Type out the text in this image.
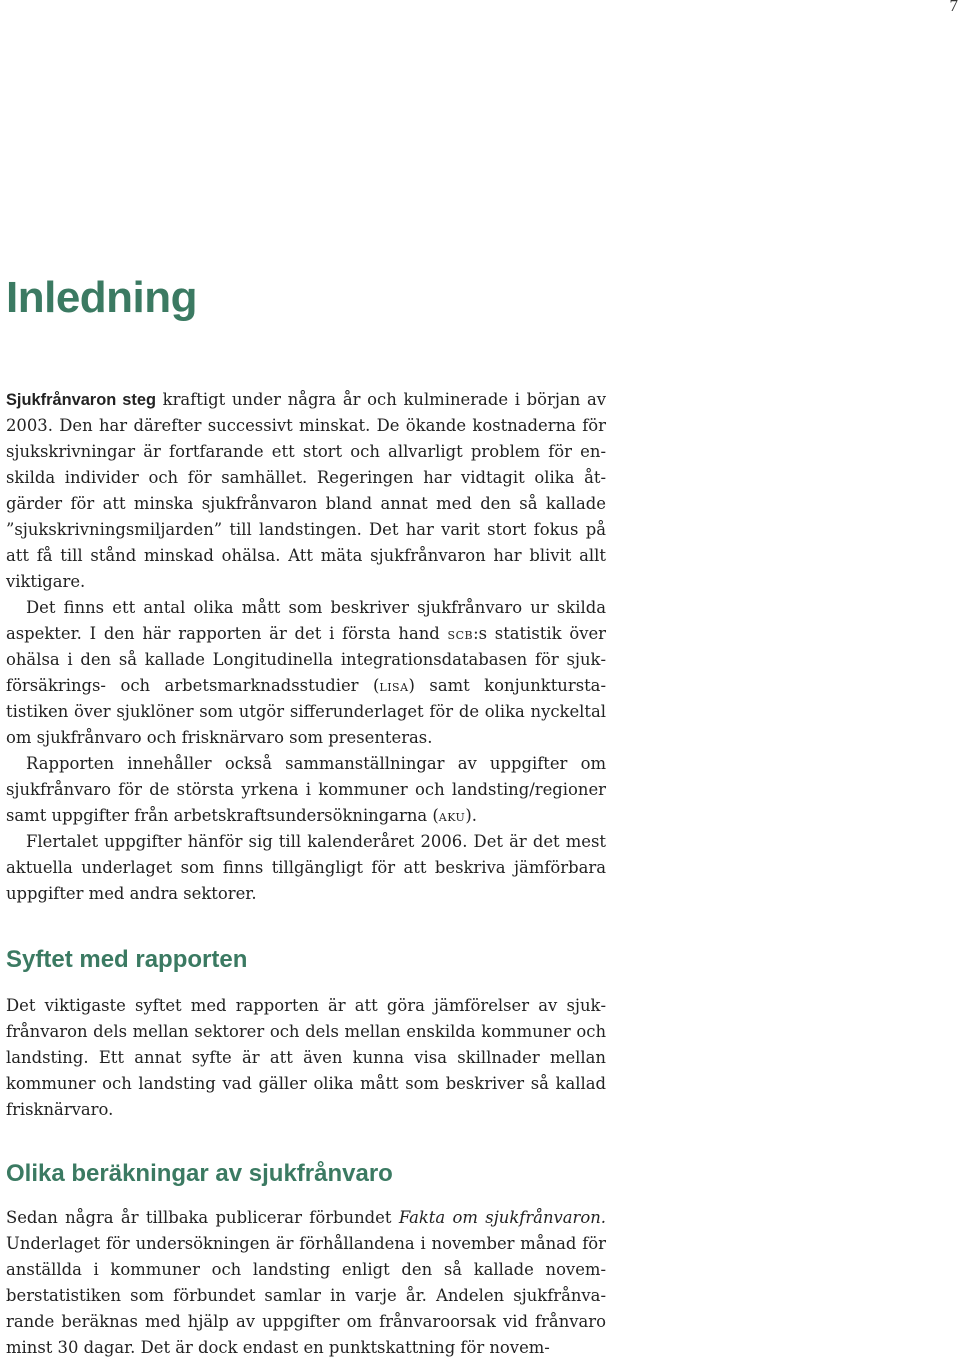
7
Inledning

Sjukfrånvaron steg kraftigt under några år och kulminerade i början av 2003. Den har därefter successivt minskat. De ökande kostnaderna för sjukskrivningar är fortfarande ett stort och allvarligt problem för enskilda individer och för samhället. Regeringen har vidtagit olika åtgärder för att minska sjukfrånvaron bland annat med den så kallade ”sjukskrivningsmiljarden” till landstingen. Det har varit stort fokus på att få till stånd minskad ohälsa. Att mäta sjukfrånvaron har blivit allt viktigare.

Det finns ett antal olika mått som beskriver sjukfrånvaro ur skilda aspekter. I den här rapporten är det i första hand scb:s statistik över ohälsa i den så kallade Longitudinella integrationsdatabasen för sjukförsäkrings- och arbetsmarknadsstudier (lisa) samt konjunkturstatistiken över sjuklöner som utgör sifferunderlaget för de olika nyckeltal om sjukfrånvaro och frisknärvaro som presenteras.

Rapporten innehåller också sammanställningar av uppgifter om sjukfrånvaro för de största yrkena i kommuner och landsting/regioner samt uppgifter från arbetskraftsundersökningarna (aku).

Flertalet uppgifter hänför sig till kalenderåret 2006. Det är det mest aktuella underlaget som finns tillgängligt för att beskriva jämförbara uppgifter med andra sektorer.

Syftet med rapporten

Det viktigaste syftet med rapporten är att göra jämförelser av sjukfrånvaron dels mellan sektorer och dels mellan enskilda kommuner och landsting. Ett annat syfte är att även kunna visa skillnader mellan kommuner och landsting vad gäller olika mått som beskriver så kallad frisknärvaro.

Olika beräkningar av sjukfrånvaro

Sedan några år tillbaka publicerar förbundet Fakta om sjukfrånvaron. Underlaget för undersökningen är förhållandena i november månad för anställda i kommuner och landsting enligt den så kallade novemberstatistiken som förbundet samlar in varje år. Andelen sjukfrånvarande beräknas med hjälp av uppgifter om frånvaroorsak vid frånvaro minst 30 dagar. Det är dock endast en punktskattning för novem-
